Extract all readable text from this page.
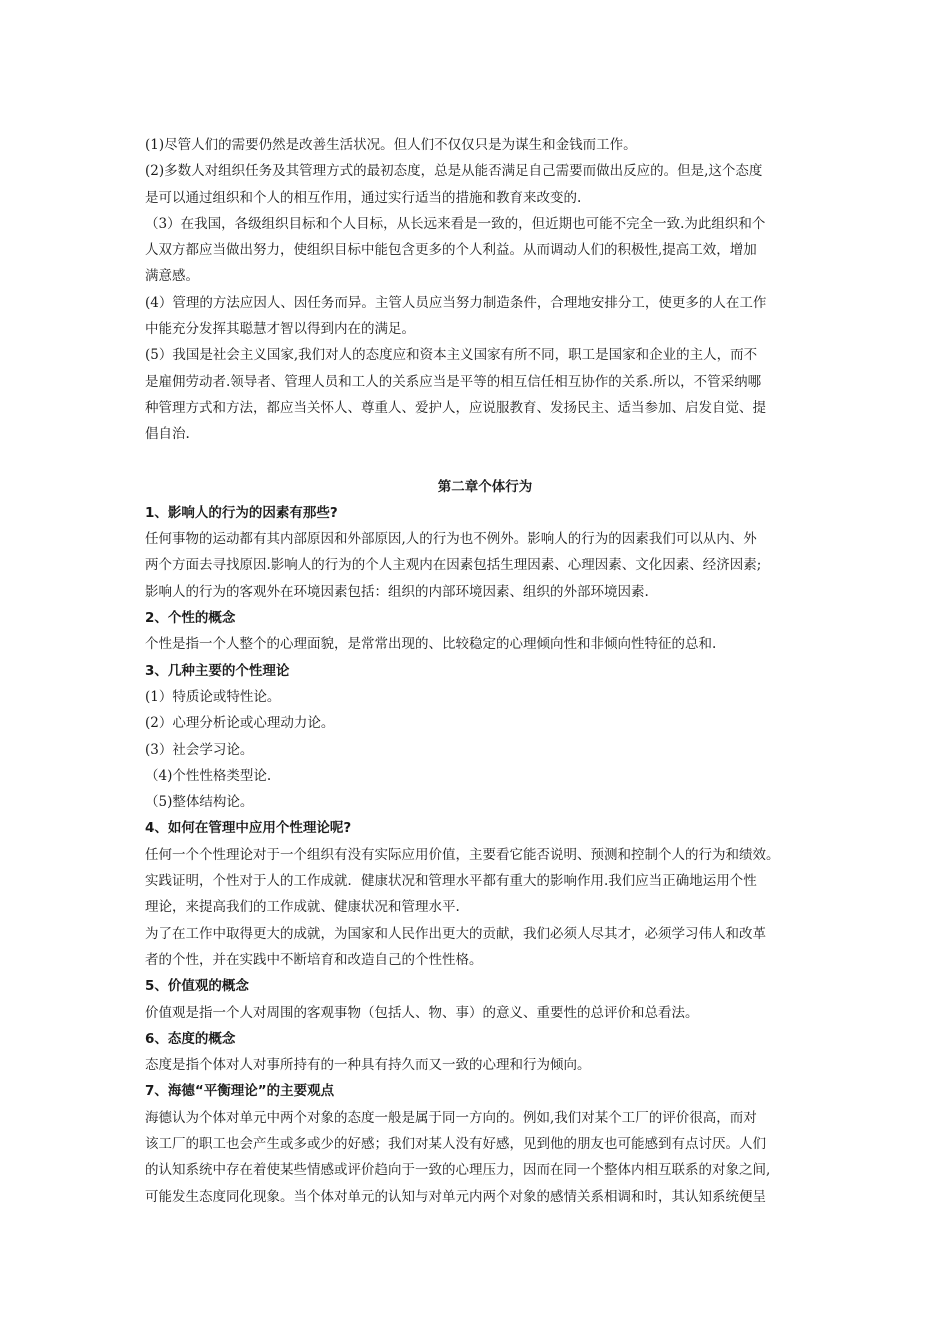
(1)尽管人们的需要仍然是改善生活状况。但人们不仅仅只是为谋生和金钱而工作。
(2)多数人对组织任务及其管理方式的最初态度，总是从能否满足自己需要而做出反应的。但是,这个态度
是可以通过组织和个人的相互作用，通过实行适当的措施和教育来改变的.
（3）在我国，各级组织目标和个人目标，从长远来看是一致的，但近期也可能不完全一致.为此组织和个
人双方都应当做出努力，使组织目标中能包含更多的个人利益。从而调动人们的积极性,提高工效，增加
满意感。
(4）管理的方法应因人、因任务而异。主管人员应当努力制造条件，合理地安排分工，使更多的人在工作
中能充分发挥其聪慧才智以得到内在的满足。
(5）我国是社会主义国家,我们对人的态度应和资本主义国家有所不同，职工是国家和企业的主人，而不
是雇佣劳动者.领导者、管理人员和工人的关系应当是平等的相互信任相互协作的关系.所以，不管采纳哪
种管理方式和方法，都应当关怀人、尊重人、爱护人，应说服教育、发扬民主、适当参加、启发自觉、提
倡自治.
第二章个体行为
1、影响人的行为的因素有那些?
任何事物的运动都有其内部原因和外部原因,人的行为也不例外。影响人的行为的因素我们可以从内、外
两个方面去寻找原因.影响人的行为的个人主观内在因素包括生理因素、心理因素、文化因素、经济因素;
影响人的行为的客观外在环境因素包括：组织的内部环境因素、组织的外部环境因素.
2、个性的概念
个性是指一个人整个的心理面貌，是常常出现的、比较稳定的心理倾向性和非倾向性特征的总和.
3、几种主要的个性理论
(1）特质论或特性论。
(2）心理分析论或心理动力论。
(3）社会学习论。
（4)个性性格类型论.
（5)整体结构论。
4、如何在管理中应用个性理论呢?
任何一个个性理论对于一个组织有没有实际应用价值，主要看它能否说明、预测和控制个人的行为和绩效。
实践证明，个性对于人的工作成就．健康状况和管理水平都有重大的影响作用.我们应当正确地运用个性
理论，来提高我们的工作成就、健康状况和管理水平.
为了在工作中取得更大的成就，为国家和人民作出更大的贡献，我们必须人尽其才，必须学习伟人和改革
者的个性，并在实践中不断培育和改造自己的个性性格。
5、价值观的概念
价值观是指一个人对周围的客观事物（包括人、物、事）的意义、重要性的总评价和总看法。
6、态度的概念
态度是指个体对人对事所持有的一种具有持久而又一致的心理和行为倾向。
7、海德“平衡理论”的主要观点
海德认为个体对单元中两个对象的态度一般是属于同一方向的。例如,我们对某个工厂的评价很高，而对
该工厂的职工也会产生或多或少的好感；我们对某人没有好感，见到他的朋友也可能感到有点讨厌。人们
的认知系统中存在着使某些情感或评价趋向于一致的心理压力，因而在同一个整体内相互联系的对象之间,
可能发生态度同化现象。当个体对单元的认知与对单元内两个对象的感情关系相调和时，其认知系统便呈
